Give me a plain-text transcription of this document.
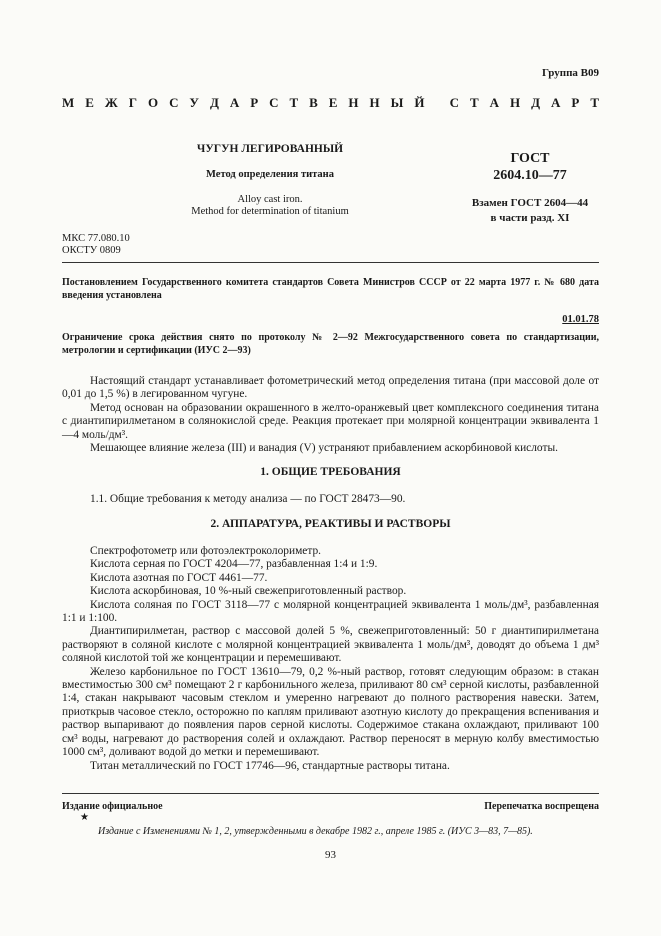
Группа В09
М Е Ж Г О С У Д А Р С Т В Е Н Н Ы Й
С Т А Н Д А Р Т
ЧУГУН ЛЕГИРОВАННЫЙ
Метод определения титана
Alloy cast iron.
Method for determination of titanium
ГОСТ
2604.10—77
Взамен ГОСТ 2604—44
в части разд. XI
МКС 77.080.10
ОКСТУ 0809
Постановлением Государственного комитета стандартов Совета Министров СССР от 22 марта 1977 г. № 680 дата введения установлена
01.01.78
Ограничение срока действия снято по протоколу № 2—92 Межгосударственного совета по стандартизации, метрологии и сертификации (ИУС 2—93)

Настоящий стандарт устанавливает фотометрический метод определения титана (при массовой доле от 0,01 до 1,5 %) в легированном чугуне.

Метод основан на образовании окрашенного в желто-оранжевый цвет комплексного соединения титана с диантипирилметаном в солянокислой среде. Реакция протекает при молярной концентрации эквивалента 1—4 моль/дм³.

Мешающее влияние железа (III) и ванадия (V) устраняют прибавлением аскорбиновой кислоты.

1. ОБЩИЕ ТРЕБОВАНИЯ

1.1. Общие требования к методу анализа — по ГОСТ 28473—90.

2. АППАРАТУРА, РЕАКТИВЫ И РАСТВОРЫ

Спектрофотометр или фотоэлектроколориметр.

Кислота серная по ГОСТ 4204—77, разбавленная 1:4 и 1:9.

Кислота азотная по ГОСТ 4461—77.

Кислота аскорбиновая, 10 %-ный свежеприготовленный раствор.

Кислота соляная по ГОСТ 3118—77 с молярной концентрацией эквивалента 1 моль/дм³, разбавленная 1:1 и 1:100.

Диантипирилметан, раствор с массовой долей 5 %, свежеприготовленный: 50 г диантипирилметана растворяют в соляной кислоте с молярной концентрацией эквивалента 1 моль/дм³, доводят до объема 1 дм³ соляной кислотой той же концентрации и перемешивают.

Железо карбонильное по ГОСТ 13610—79, 0,2 %-ный раствор, готовят следующим образом: в стакан вместимостью 300 см³ помещают 2 г карбонильного железа, приливают 80 см³ серной кислоты, разбавленной 1:4, стакан накрывают часовым стеклом и умеренно нагревают до полного растворения навески. Затем, приоткрыв часовое стекло, осторожно по каплям приливают азотную кислоту до прекращения вспенивания и раствор выпаривают до появления паров серной кислоты. Содержимое стакана охлаждают, приливают 100 см³ воды, нагревают до растворения солей и охлаждают. Раствор переносят в мерную колбу вместимостью 1000 см³, доливают водой до метки и перемешивают.

Титан металлический по ГОСТ 17746—96, стандартные растворы титана.

Издание официальное	Перепечатка воспрещена
★
Издание с Изменениями № 1, 2, утвержденными в декабре 1982 г., апреле 1985 г. (ИУС 3—83, 7—85).
93
